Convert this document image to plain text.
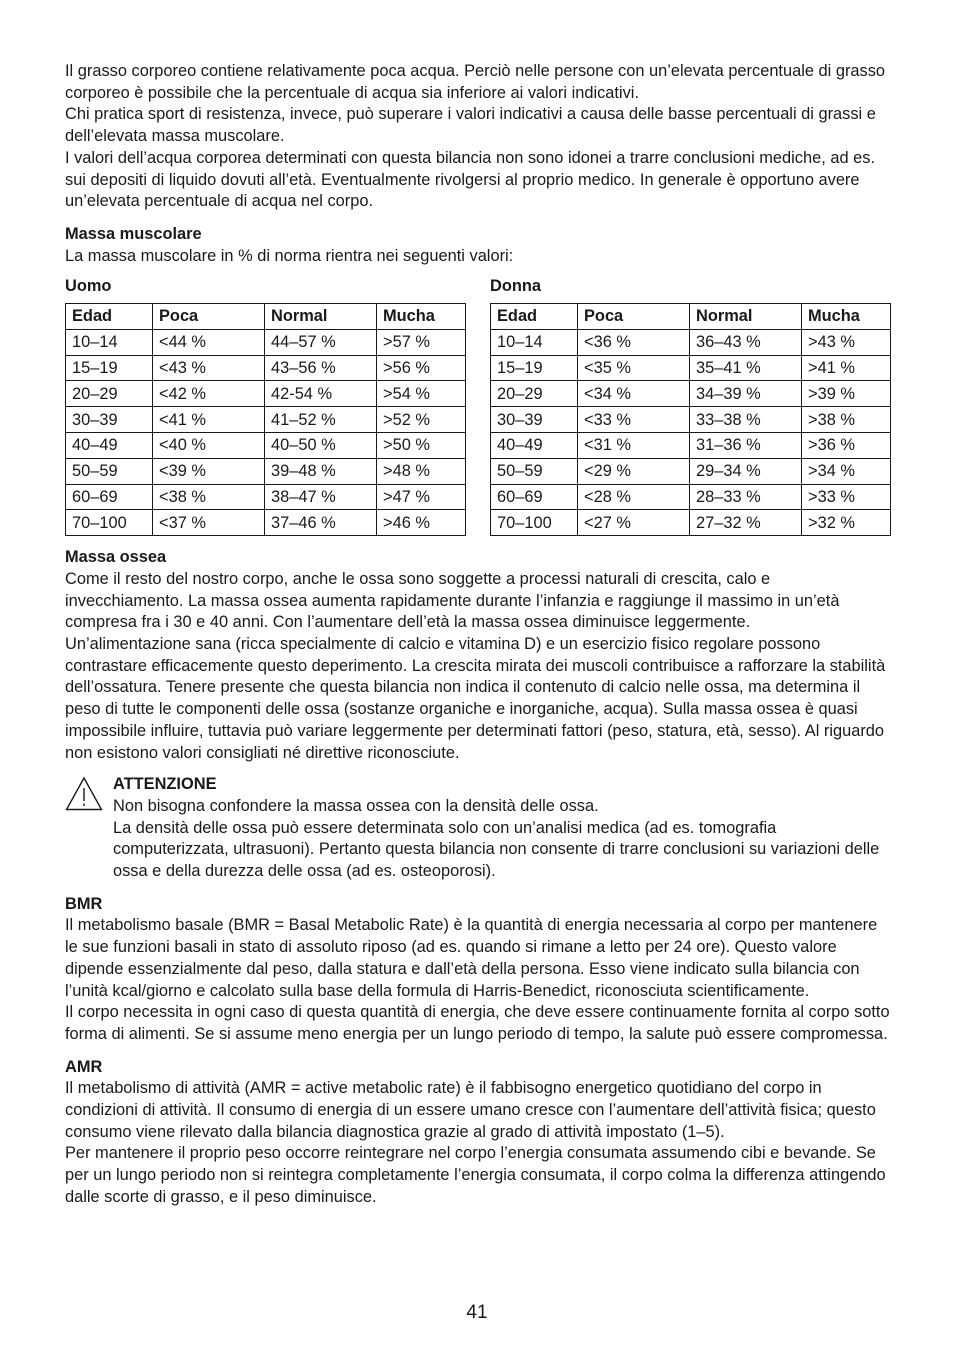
Il grasso corporeo contiene relativamente poca acqua. Perciò nelle persone con un’elevata percentuale di grasso corporeo è possibile che la percentuale di acqua sia inferiore ai valori indicativi.

Chi pratica sport di resistenza, invece, può superare i valori indicativi a causa delle basse percentuali di grassi e dell’elevata massa muscolare.

I valori dell’acqua corporea determinati con questa bilancia non sono idonei a trarre conclusioni mediche, ad es. sui depositi di liquido dovuti all’età. Eventualmente rivolgersi al proprio medico. In generale è opportuno avere un’elevata percentuale di acqua nel corpo.

Massa muscolare

La massa muscolare in % di norma rientra nei seguenti valori:

Uomo
Edad	Poca	Normal	Mucha
10–14	<44 %	44–57 %	>57 %
15–19	<43 %	43–56 %	>56 %
20–29	<42 %	42-54 %	>54 %
30–39	<41 %	41–52 %	>52 %
40–49	<40 %	40–50 %	>50 %
50–59	<39 %	39–48 %	>48 %
60–69	<38 %	38–47 %	>47 %
70–100	<37 %	37–46 %	>46 %
Donna
Edad	Poca	Normal	Mucha
10–14	<36 %	36–43 %	>43 %
15–19	<35 %	35–41 %	>41 %
20–29	<34 %	34–39 %	>39 %
30–39	<33 %	33–38 %	>38 %
40–49	<31 %	31–36 %	>36 %
50–59	<29 %	29–34 %	>34 %
60–69	<28 %	28–33 %	>33 %
70–100	<27 %	27–32 %	>32 %

Massa ossea

Come il resto del nostro corpo, anche le ossa sono soggette a processi naturali di crescita, calo e invecchiamento. La massa ossea aumenta rapidamente durante l’infanzia e raggiunge il massimo in un’età compresa fra i 30 e 40 anni. Con l’aumentare dell’età la massa ossea diminuisce leggermente.

Un’alimentazione sana (ricca specialmente di calcio e vitamina D) e un esercizio fisico regolare possono contrastare efficacemente questo deperimento. La crescita mirata dei muscoli contribuisce a rafforzare la stabilità dell’ossatura. Tenere presente che questa bilancia non indica il contenuto di calcio nelle ossa, ma determina il peso di tutte le componenti delle ossa (sostanze organiche e inorganiche, acqua). Sulla massa ossea è quasi impossibile influire, tuttavia può variare leggermente per determinati fattori (peso, statura, età, sesso). Al riguardo non esistono valori consigliati né direttive riconosciute.

ATTENZIONE

Non bisogna confondere la massa ossea con la densità delle ossa.

La densità delle ossa può essere determinata solo con un’analisi medica (ad es. tomografia computerizzata, ultrasuoni). Pertanto questa bilancia non consente di trarre conclusioni su variazioni delle ossa e della durezza delle ossa (ad es. osteoporosi).

BMR

Il metabolismo basale (BMR = Basal Metabolic Rate) è la quantità di energia necessaria al corpo per mantenere le sue funzioni basali in stato di assoluto riposo (ad es. quando si rimane a letto per 24 ore). Questo valore dipende essenzialmente dal peso, dalla statura e dall’età della persona. Esso viene indicato sulla bilancia con l’unità kcal/giorno e calcolato sulla base della formula di Harris-Benedict, riconosciuta scientificamente.

Il corpo necessita in ogni caso di questa quantità di energia, che deve essere continuamente fornita al corpo sotto forma di alimenti. Se si assume meno energia per un lungo periodo di tempo, la salute può essere compromessa.

AMR

Il metabolismo di attività (AMR = active metabolic rate) è il fabbisogno energetico quotidiano del corpo in condizioni di attività. Il consumo di energia di un essere umano cresce con l’aumentare dell’attività fisica; questo consumo viene rilevato dalla bilancia diagnostica grazie al grado di attività impostato (1–5).

Per mantenere il proprio peso occorre reintegrare nel corpo l’energia consumata assumendo cibi e bevande. Se per un lungo periodo non si reintegra completamente l’energia consumata, il corpo colma la differenza attingendo dalle scorte di grasso, e il peso diminuisce.

41
